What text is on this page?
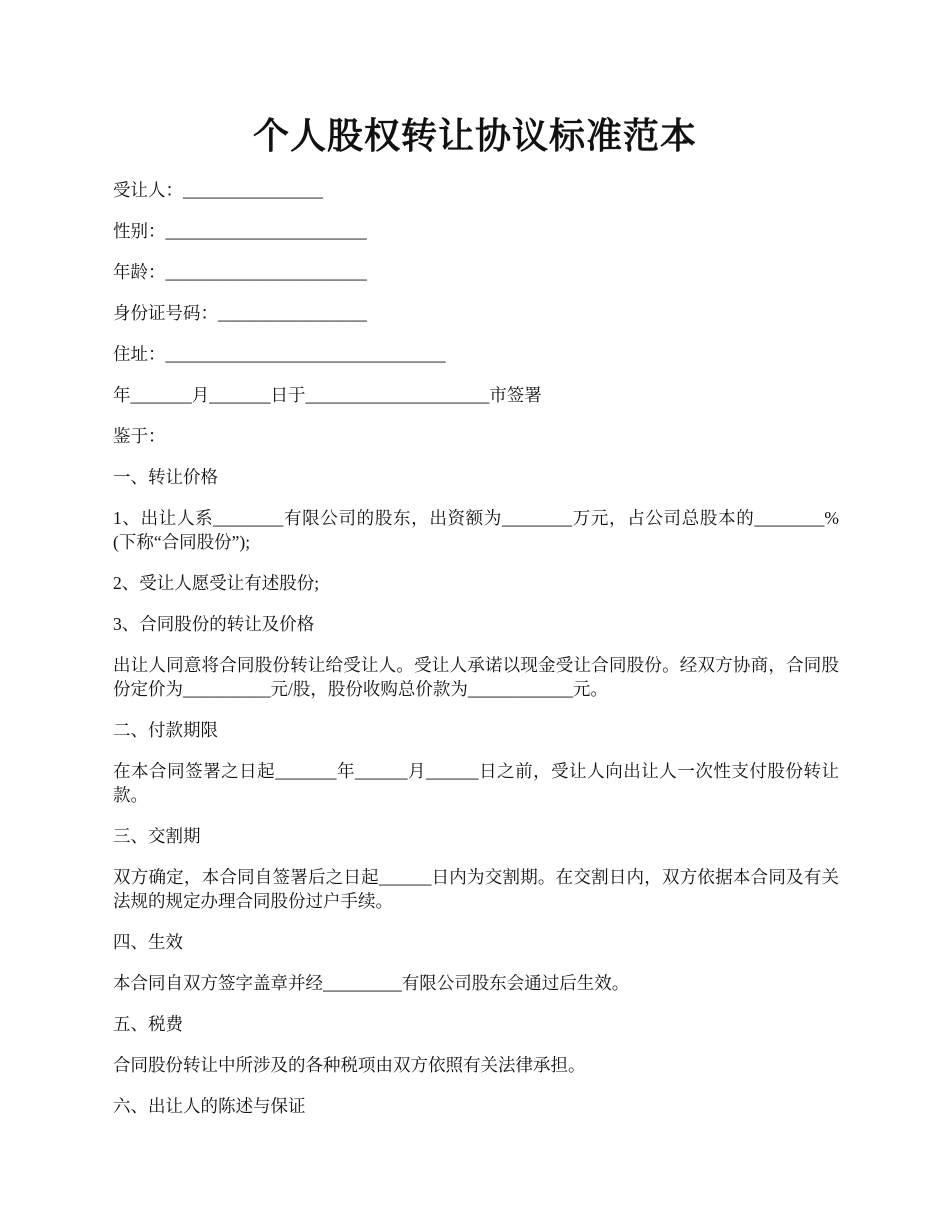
个人股权转让协议标准范本

受让人：________________

性别：_______________________

年龄：_______________________

身份证号码：_________________

住址：________________________________

年_______月_______日于_____________________市签署

鉴于：

一、转让价格

1、出让人系________有限公司的股东，出资额为________万元，占公司总股本的________%(下称“合同股份”);

2、受让人愿受让有述股份;

3、合同股份的转让及价格

出让人同意将合同股份转让给受让人。受让人承诺以现金受让合同股份。经双方协商，合同股份定价为__________元/股，股份收购总价款为____________元。

二、付款期限

在本合同签署之日起_______年______月______日之前，受让人向出让人一次性支付股份转让款。

三、交割期

双方确定，本合同自签署后之日起______日内为交割期。在交割日内，双方依据本合同及有关法规的规定办理合同股份过户手续。

四、生效

本合同自双方签字盖章并经_________有限公司股东会通过后生效。

五、税费

合同股份转让中所涉及的各种税项由双方依照有关法律承担。

六、出让人的陈述与保证
